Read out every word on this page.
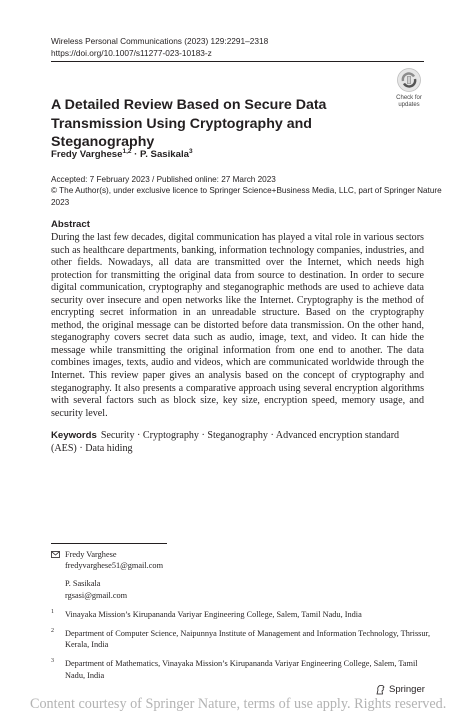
Wireless Personal Communications (2023) 129:2291–2318
https://doi.org/10.1007/s11277-023-10183-z
Check for
updates
A Detailed Review Based on Secure Data Transmission Using Cryptography and Steganography
Fredy Varghese$^{1,2}$ · P. Sasikala$^3$
Accepted: 7 February 2023 / Published online: 27 March 2023
© The Author(s), under exclusive licence to Springer Science+Business Media, LLC, part of Springer Nature 2023
Abstract

During the last few decades, digital communication has played a vital role in various sectors such as healthcare departments, banking, information technology companies, industries, and other fields. Nowadays, all data are transmitted over the Internet, which needs high protection for transmitting the original data from source to destination. In order to secure digital communication, cryptography and steganographic methods are used to achieve data security over insecure and open networks like the Internet. Cryptography is the method of encrypting secret information in an unreadable structure. Based on the cryptography method, the original message can be distorted before data transmission. On the other hand, steganography covers secret data such as audio, image, text, and video. It can hide the message while transmitting the original information from one end to another. The data combines images, texts, audio and videos, which are communicated worldwide through the Internet. This review paper gives an analysis based on the concept of cryptography and steganography. It also presents a comparative approach using several encryption algorithms with several factors such as block size, key size, encryption speed, memory usage, and security level.

Keywords Security · Cryptography · Steganography · Advanced encryption standard (AES) · Data hiding
Fredy Varghese
fredyvarghese51@gmail.com
P. Sasikala
rgsasi@gmail.com
1 Vinayaka Mission’s Kirupananda Variyar Engineering College, Salem, Tamil Nadu, India
2 Department of Computer Science, Naipunnya Institute of Management and Information Technology, Thrissur, Kerala, India
3 Department of Mathematics, Vinayaka Mission’s Kirupananda Variyar Engineering College, Salem, Tamil Nadu, India
Springer
Content courtesy of Springer Nature, terms of use apply. Rights reserved.
